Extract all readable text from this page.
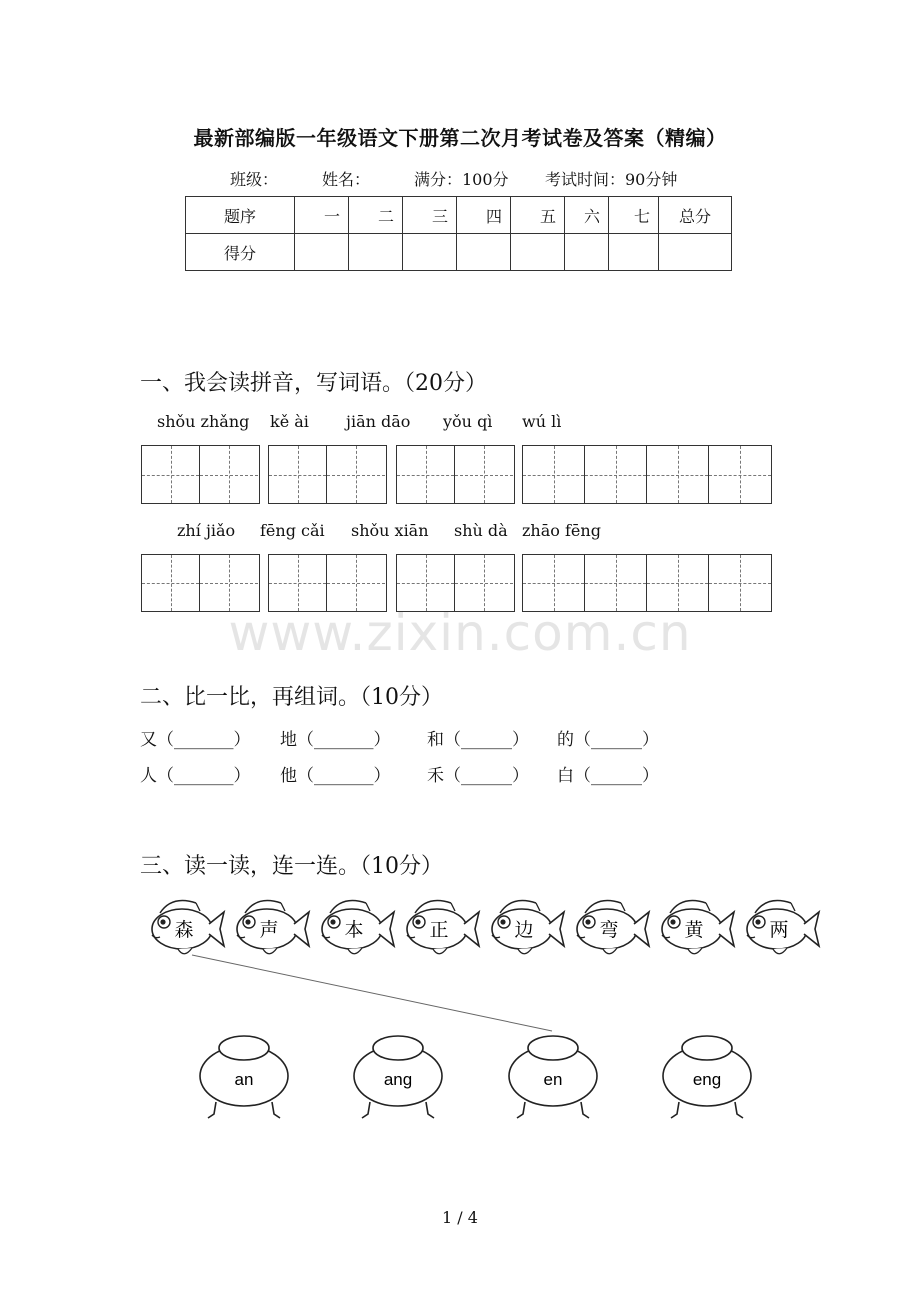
最新部编版一年级语文下册第二次月考试卷及答案（精编）
班级：	姓名：	满分：100分 考试时间：90分钟
题序	一	二	三	四	五	六	七	总分
得分								
一、我会读拼音，写词语。（20分）
shǒu zhǎng kě ài jiān dāo yǒu qì wú lì
zhí jiǎo fēng cǎi shǒu xiān shù dà zhāo fēng
www.zixin.com.cn
二、比一比，再组词。（10分）
又（_______） 地（_______） 和（______） 的（______）
人（_______） 他（_______） 禾（______） 白（______）
三、读一读，连一连。（10分）
森	声	本	正	边	弯	黄	两
an	ang	en	eng
1 / 4
